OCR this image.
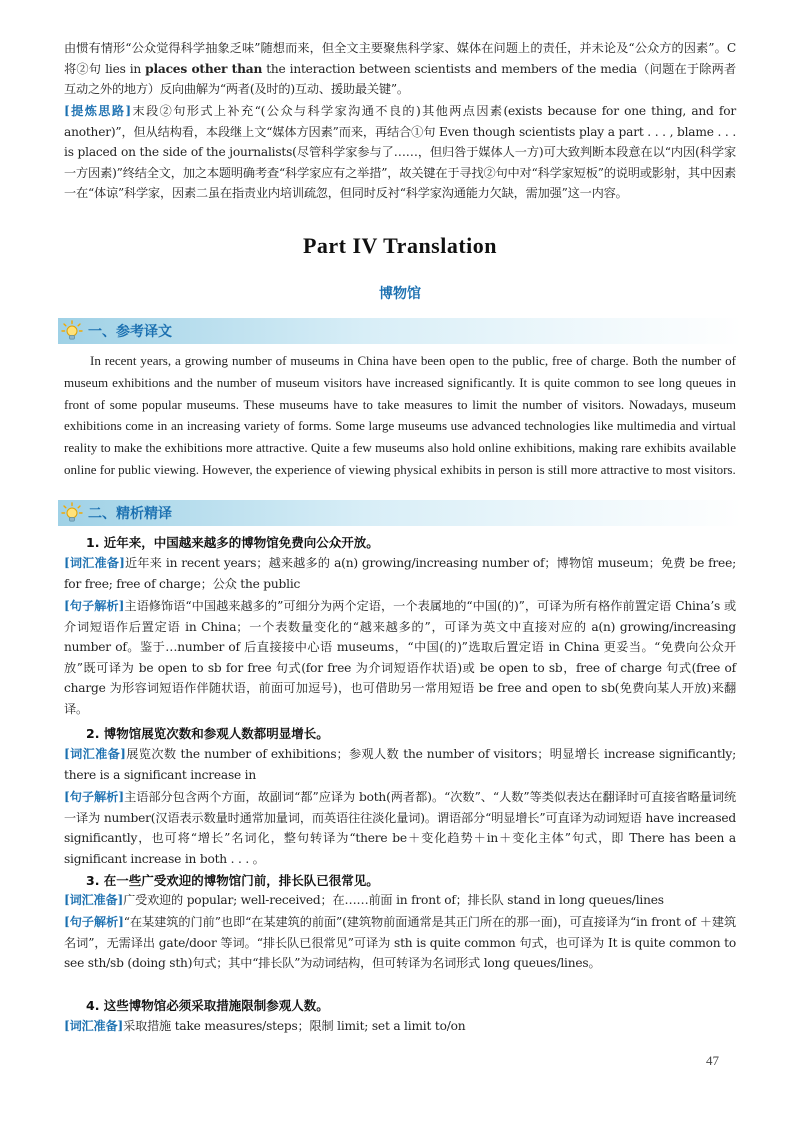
由惯有情形“公众觉得科学抽象乏味”随想而来，但全文主要聚焦科学家、媒体在问题上的责任，并未论及“公众方的因素”。C 将②句 lies in places other than the interaction between scientists and members of the media（问题在于除两者互动之外的地方）反向曲解为“两者(及时的)互动、援助最关键”。

[提炼思路]末段②句形式上补充“(公众与科学家沟通不良的)其他两点因素(exists because for one thing, and for another)”，但从结构看，本段继上文“媒体方因素”而来，再结合①句 Even though scientists play a part . . . , blame . . . is placed on the side of the journalists(尽管科学家参与了……，但归咎于媒体人一方)可大致判断本段意在以“内因(科学家一方因素)”终结全文，加之本题明确考查“科学家应有之举措”，故关键在于寻找②句中对“科学家短板”的说明或影射，其中因素一在“体谅”科学家，因素二虽在指责业内培训疏忽，但同时反衬“科学家沟通能力欠缺，需加强”这一内容。

Part IV Translation
博物馆
一、参考译文

In recent years, a growing number of museums in China have been open to the public, free of charge. Both the number of museum exhibitions and the number of museum visitors have increased significantly. It is quite common to see long queues in front of some popular museums. These museums have to take measures to limit the number of visitors. Nowadays, museum exhibitions come in an increasing variety of forms. Some large museums use advanced technologies like multimedia and virtual reality to make the exhibitions more attractive. Quite a few museums also hold online exhibitions, making rare exhibits available online for public viewing. However, the experience of viewing physical exhibits in person is still more attractive to most visitors.

二、精析精译

1. 近年来，中国越来越多的博物馆免费向公众开放。

[词汇准备]近年来 in recent years；越来越多的 a(n) growing/increasing number of；博物馆 museum；免费 be free; for free; free of charge；公众 the public

[句子解析]主语修饰语“中国越来越多的”可细分为两个定语，一个表属地的“中国(的)”，可译为所有格作前置定语 China’s 或介词短语作后置定语 in China；一个表数量变化的“越来越多的”，可译为英文中直接对应的 a(n) growing/increasing number of。鉴于…number of 后直接接中心语 museums，“中国(的)”选取后置定语 in China 更妥当。“免费向公众开放”既可译为 be open to sb for free 句式(for free 为介词短语作状语)或 be open to sb，free of charge 句式(free of charge 为形容词短语作伴随状语，前面可加逗号)，也可借助另一常用短语 be free and open to sb(免费向某人开放)来翻译。

2. 博物馆展览次数和参观人数都明显增长。

[词汇准备]展览次数 the number of exhibitions；参观人数 the number of visitors；明显增长 increase significantly; there is a significant increase in

[句子解析]主语部分包含两个方面，故副词“都”应译为 both(两者都)。“次数”、“人数”等类似表达在翻译时可直接省略量词统一译为 number(汉语表示数量时通常加量词，而英语往往淡化量词)。谓语部分“明显增长”可直译为动词短语 have increased significantly，也可将“增长”名词化，整句转译为“there be＋变化趋势＋in＋变化主体”句式，即 There has been a significant increase in both . . . 。

3. 在一些广受欢迎的博物馆门前，排长队已很常见。

[词汇准备]广受欢迎的 popular; well-received；在……前面 in front of；排长队 stand in long queues/lines

[句子解析]“在某建筑的门前”也即“在某建筑的前面”(建筑物前面通常是其正门所在的那一面)，可直接译为“in front of ＋建筑名词”，无需译出 gate/door 等词。“排长队已很常见”可译为 sth is quite common 句式，也可译为 It is quite common to see sth/sb (doing sth)句式；其中“排长队”为动词结构，但可转译为名词形式 long queues/lines。

4. 这些博物馆必须采取措施限制参观人数。

[词汇准备]采取措施 take measures/steps；限制 limit; set a limit to/on

47
